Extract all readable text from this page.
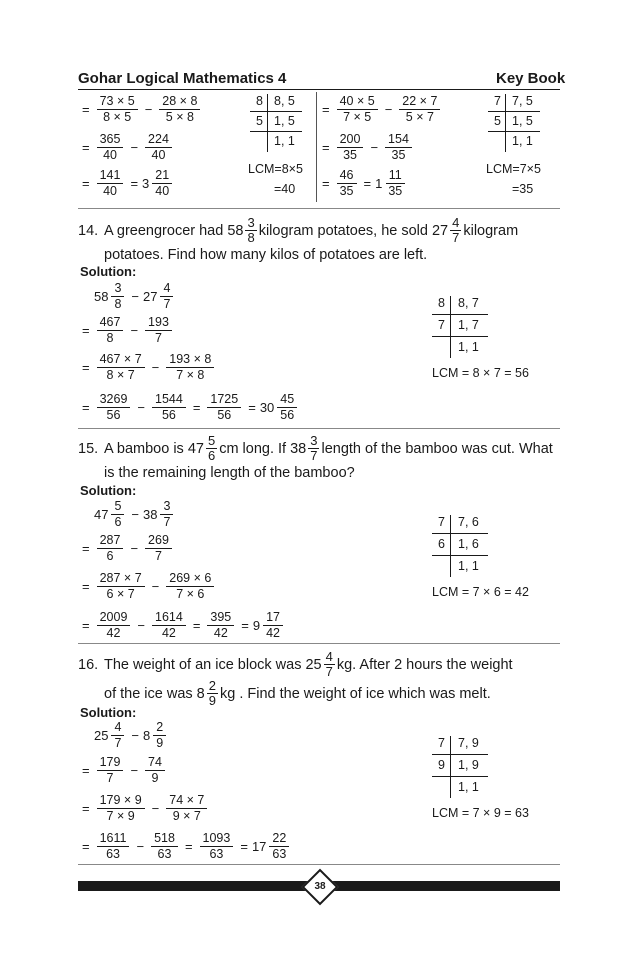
Gohar Logical Mathematics 4	Key Book
= $\frac{73 \times 5}{8 \times 5} - \frac{28 \times 8}{5 \times 8}$
= $\frac{365}{40} - \frac{224}{40}$
= $\frac{141}{40} = 3 \frac{21}{40}$
8 8, 5
5 1, 5
1, 1
LCM=8×5
=40
= $\frac{40 \times 5}{7 \times 5} - \frac{22 \times 7}{5 \times 7}$
= $\frac{200}{35} - \frac{154}{35}$
= $\frac{46}{35} = 1 \frac{11}{35}$
7 7, 5
5 1, 5
1, 1
LCM=7×5
=35
14. A greengrocer had 58 3
8 kilogram potatoes, he sold 27 4
7 kilogram
potatoes. Find how many kilos of potatoes are left.
Solution:
$58 \frac{3}{8} - 27 \frac{4}{7}$
= $\frac{467}{8} - \frac{193}{7}$
= $\frac{467 \times 7}{8 \times 7} - \frac{193 \times 8}{7 \times 8}$
= $\frac{3269}{56} - \frac{1544}{56} = \frac{1725}{56} = 30 \frac{45}{56}$
8 8, 7
7 1, 7
1, 1
LCM = 8 × 7 = 56
15. A bamboo is 47 5
6 cm long. If 38 3
7 length of the bamboo was cut. What
is the remaining length of the bamboo?
Solution:
$47 \frac{5}{6} - 38 \frac{3}{7}$
= $\frac{287}{6} - \frac{269}{7}$
= $\frac{287 \times 7}{6 \times 7} - \frac{269 \times 6}{7 \times 6}$
= $\frac{2009}{42} - \frac{1614}{42} = \frac{395}{42} = 9 \frac{17}{42}$
7 7, 6
6 1, 6
1, 1
LCM = 7 × 6 = 42
16. The weight of an ice block was 25 4
7 kg. After 2 hours the weight
of the ice was 8 2
9 kg . Find the weight of ice which was melt.
Solution:
$25 \frac{4}{7} - 8 \frac{2}{9}$
= $\frac{179}{7} - \frac{74}{9}$
= $\frac{179 \times 9}{7 \times 9} - \frac{74 \times 7}{9 \times 7}$
= $\frac{1611}{63} - \frac{518}{63} = \frac{1093}{63} = 17 \frac{22}{63}$
7 7, 9
9 1, 9
1, 1
LCM = 7 × 9 = 63
38
